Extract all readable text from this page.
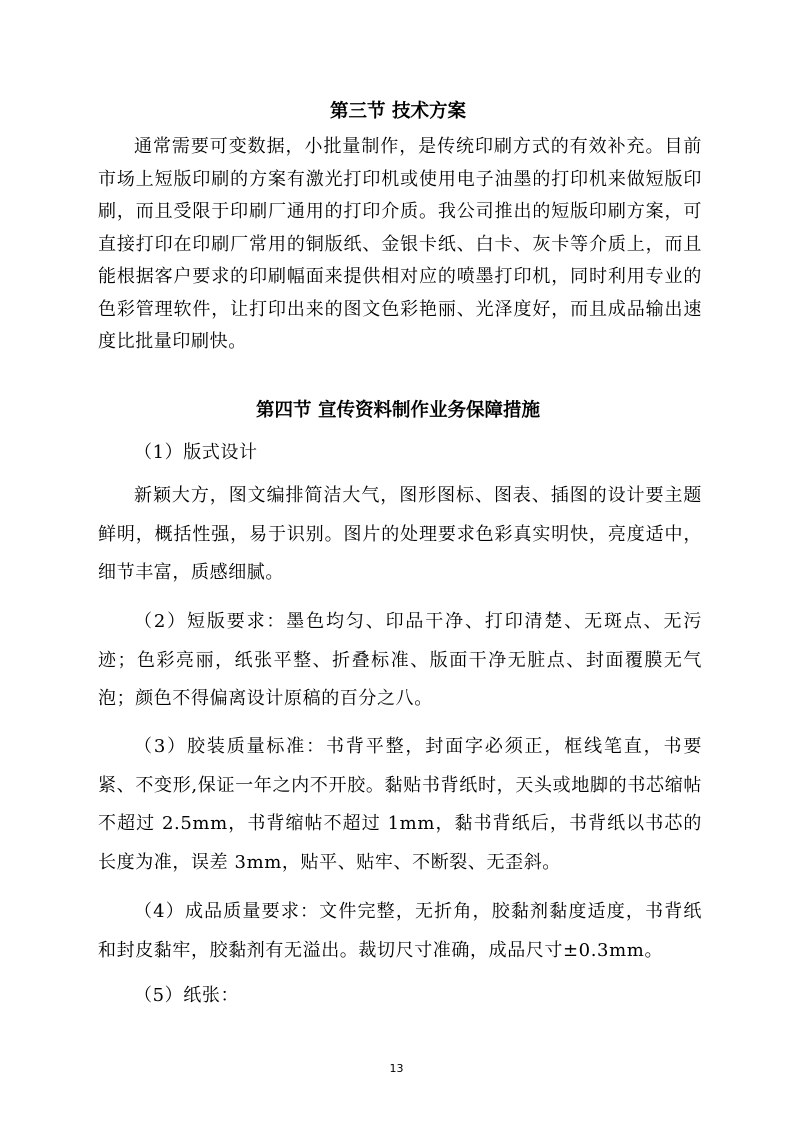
第三节 技术方案
通常需要可变数据，小批量制作，是传统印刷方式的有效补充。目前市场上短版印刷的方案有激光打印机或使用电子油墨的打印机来做短版印刷，而且受限于印刷厂通用的打印介质。我公司推出的短版印刷方案，可直接打印在印刷厂常用的铜版纸、金银卡纸、白卡、灰卡等介质上，而且能根据客户要求的印刷幅面来提供相对应的喷墨打印机，同时利用专业的色彩管理软件，让打印出来的图文色彩艳丽、光泽度好，而且成品输出速度比批量印刷快。
第四节 宣传资料制作业务保障措施
（1）版式设计
新颖大方，图文编排简洁大气，图形图标、图表、插图的设计要主题鲜明，概括性强，易于识别。图片的处理要求色彩真实明快，亮度适中，细节丰富，质感细腻。
（2）短版要求：墨色均匀、印品干净、打印清楚、无斑点、无污迹；色彩亮丽，纸张平整、折叠标准、版面干净无脏点、封面覆膜无气泡；颜色不得偏离设计原稿的百分之八。
（3）胶装质量标准：书背平整，封面字必须正，框线笔直，书要紧、不变形,保证一年之内不开胶。黏贴书背纸时，天头或地脚的书芯缩帖不超过 2.5mm，书背缩帖不超过 1mm，黏书背纸后，书背纸以书芯的长度为准，误差 3mm，贴平、贴牢、不断裂、无歪斜。
（4）成品质量要求：文件完整，无折角，胶黏剂黏度适度，书背纸和封皮黏牢，胶黏剂有无溢出。裁切尺寸准确，成品尺寸±0.3mm。
（5）纸张：
13
